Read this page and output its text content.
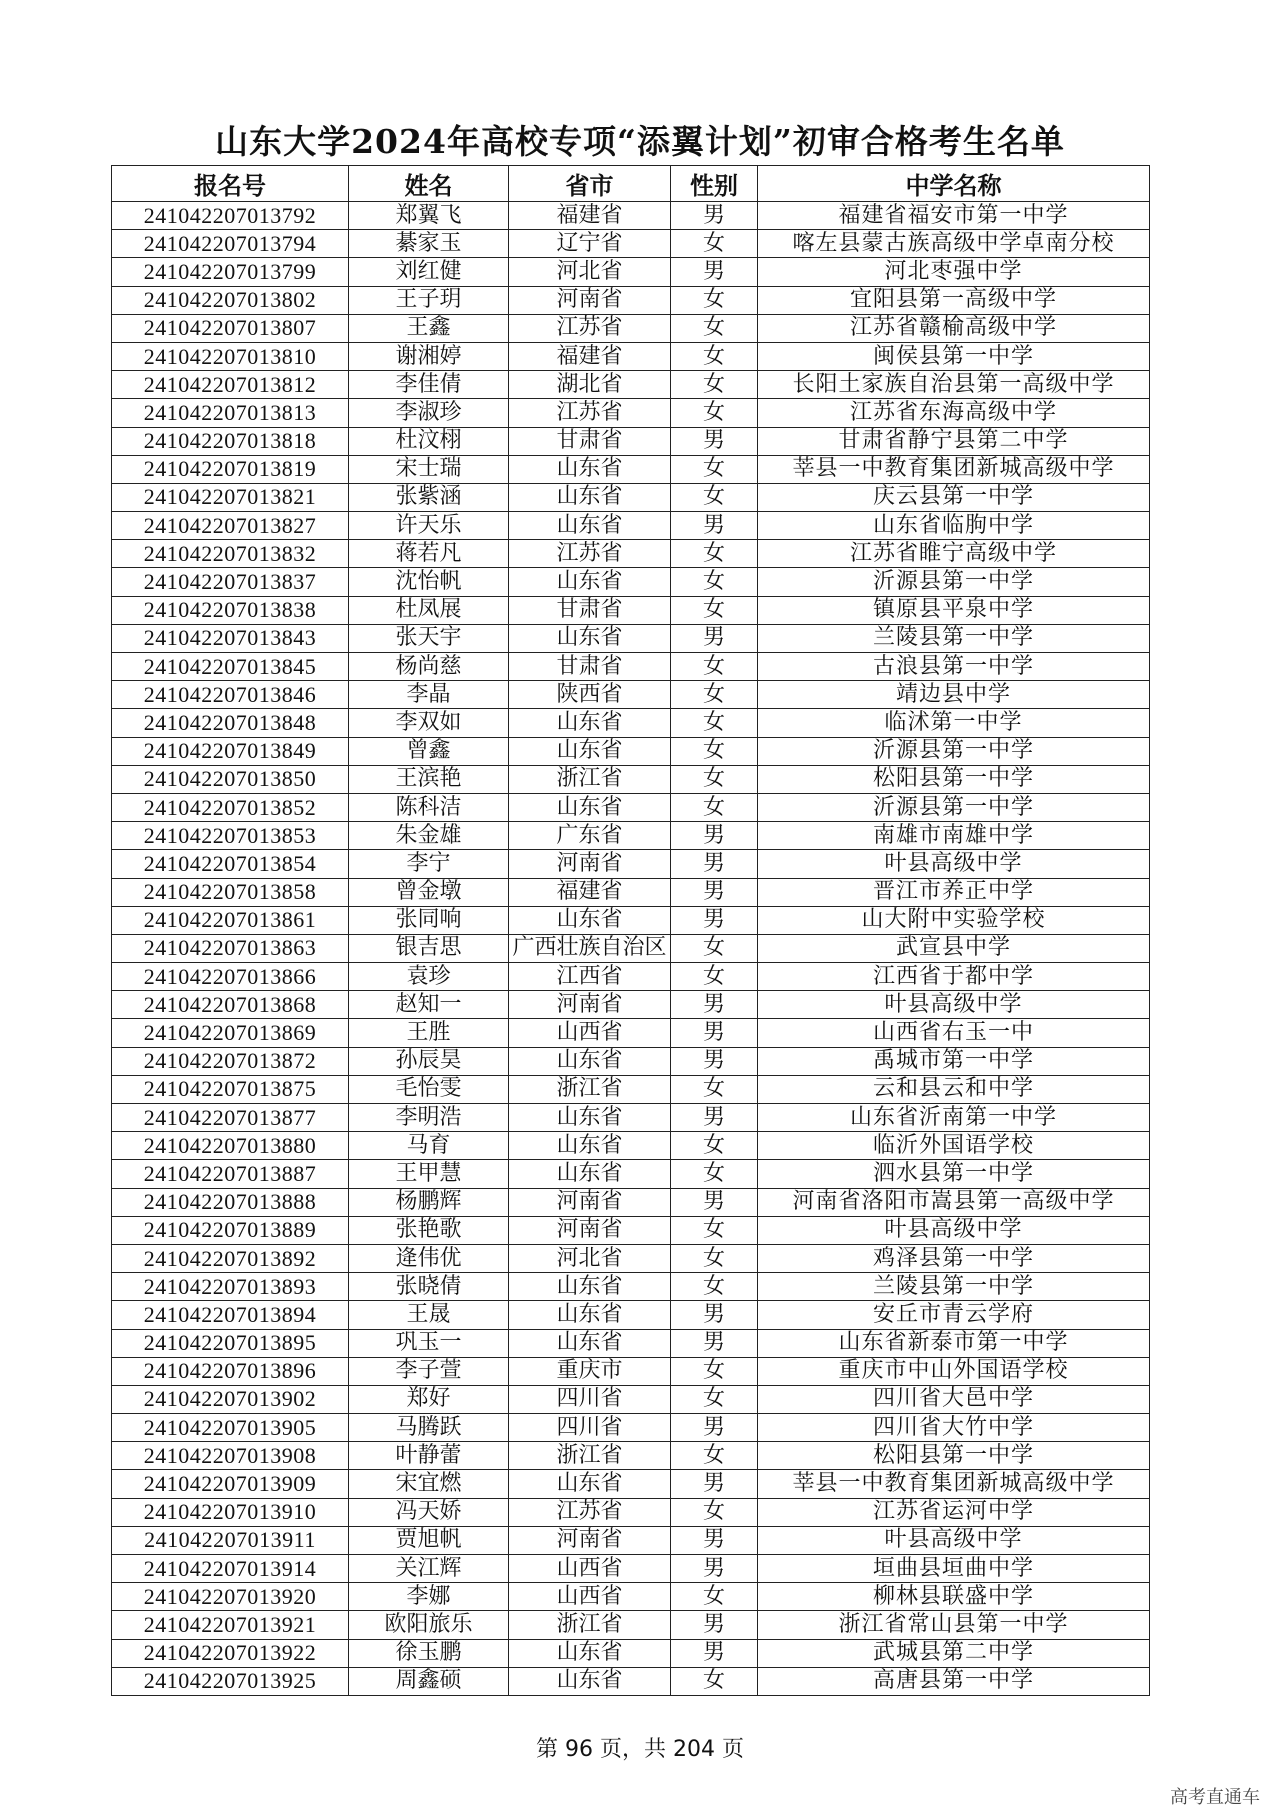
山东大学2024年高校专项“添翼计划”初审合格考生名单
报名号	姓名	省市	性别	中学名称
241042207013792	郑翼飞	福建省	男	福建省福安市第一中学
241042207013794	綦家玉	辽宁省	女	喀左县蒙古族高级中学卓南分校
241042207013799	刘红健	河北省	男	河北枣强中学
241042207013802	王子玥	河南省	女	宜阳县第一高级中学
241042207013807	王鑫	江苏省	女	江苏省赣榆高级中学
241042207013810	谢湘婷	福建省	女	闽侯县第一中学
241042207013812	李佳倩	湖北省	女	长阳土家族自治县第一高级中学
241042207013813	李淑珍	江苏省	女	江苏省东海高级中学
241042207013818	杜汶栩	甘肃省	男	甘肃省静宁县第二中学
241042207013819	宋士瑞	山东省	女	莘县一中教育集团新城高级中学
241042207013821	张紫涵	山东省	女	庆云县第一中学
241042207013827	许天乐	山东省	男	山东省临朐中学
241042207013832	蒋若凡	江苏省	女	江苏省睢宁高级中学
241042207013837	沈怡帆	山东省	女	沂源县第一中学
241042207013838	杜凤展	甘肃省	女	镇原县平泉中学
241042207013843	张天宇	山东省	男	兰陵县第一中学
241042207013845	杨尚慈	甘肃省	女	古浪县第一中学
241042207013846	李晶	陕西省	女	靖边县中学
241042207013848	李双如	山东省	女	临沭第一中学
241042207013849	曾鑫	山东省	女	沂源县第一中学
241042207013850	王滨艳	浙江省	女	松阳县第一中学
241042207013852	陈科洁	山东省	女	沂源县第一中学
241042207013853	朱金雄	广东省	男	南雄市南雄中学
241042207013854	李宁	河南省	男	叶县高级中学
241042207013858	曾金墩	福建省	男	晋江市养正中学
241042207013861	张同响	山东省	男	山大附中实验学校
241042207013863	银吉思	广西壮族自治区	女	武宣县中学
241042207013866	袁珍	江西省	女	江西省于都中学
241042207013868	赵知一	河南省	男	叶县高级中学
241042207013869	王胜	山西省	男	山西省右玉一中
241042207013872	孙辰昊	山东省	男	禹城市第一中学
241042207013875	毛怡雯	浙江省	女	云和县云和中学
241042207013877	李明浩	山东省	男	山东省沂南第一中学
241042207013880	马育	山东省	女	临沂外国语学校
241042207013887	王甲慧	山东省	女	泗水县第一中学
241042207013888	杨鹏辉	河南省	男	河南省洛阳市嵩县第一高级中学
241042207013889	张艳歌	河南省	女	叶县高级中学
241042207013892	逄伟优	河北省	女	鸡泽县第一中学
241042207013893	张晓倩	山东省	女	兰陵县第一中学
241042207013894	王晟	山东省	男	安丘市青云学府
241042207013895	巩玉一	山东省	男	山东省新泰市第一中学
241042207013896	李子萱	重庆市	女	重庆市中山外国语学校
241042207013902	郑好	四川省	女	四川省大邑中学
241042207013905	马腾跃	四川省	男	四川省大竹中学
241042207013908	叶静蕾	浙江省	女	松阳县第一中学
241042207013909	宋宜燃	山东省	男	莘县一中教育集团新城高级中学
241042207013910	冯天娇	江苏省	女	江苏省运河中学
241042207013911	贾旭帆	河南省	男	叶县高级中学
241042207013914	关江辉	山西省	男	垣曲县垣曲中学
241042207013920	李娜	山西省	女	柳林县联盛中学
241042207013921	欧阳旅乐	浙江省	男	浙江省常山县第一中学
241042207013922	徐玉鹏	山东省	男	武城县第二中学
241042207013925	周鑫硕	山东省	女	高唐县第一中学
第 96 页，共 204 页
高考直通车
